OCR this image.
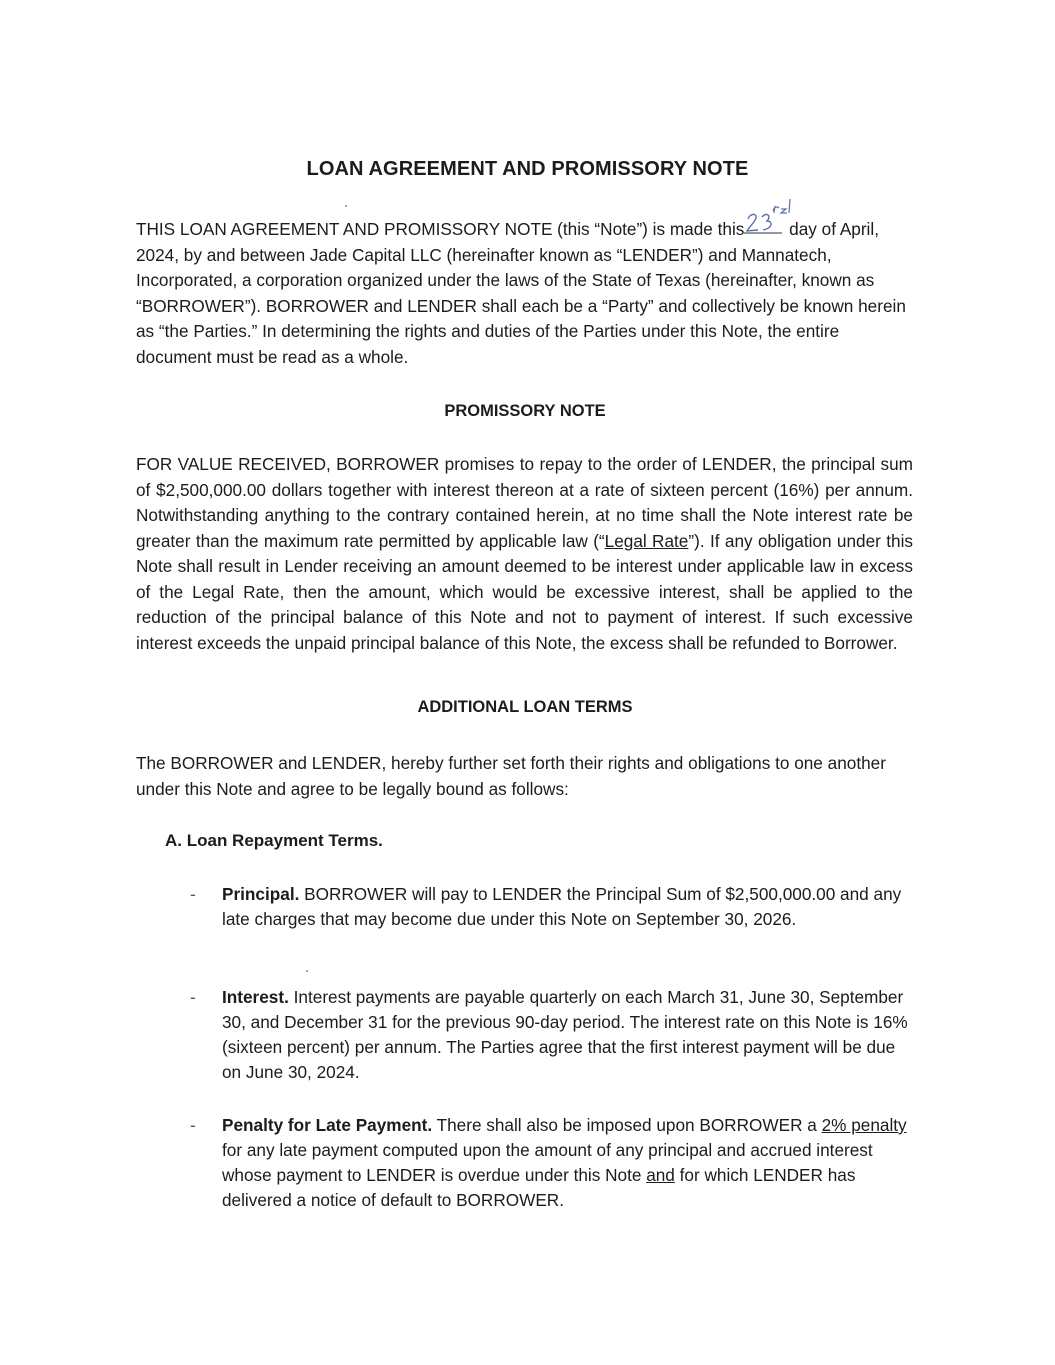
LOAN AGREEMENT AND PROMISSORY NOTE

THIS LOAN AGREEMENT AND PROMISSORY NOTE (this “Note”) is made this
day of April, 2024, by and between Jade Capital LLC (hereinafter known as “LENDER”) and Mannatech, Incorporated, a corporation organized under the laws of the State of Texas (hereinafter, known as “BORROWER”). BORROWER and LENDER shall each be a “Party” and collectively be known herein as “the Parties.” In determining the rights and duties of the Parties under this Note, the entire document must be read as a whole.

PROMISSORY NOTE

FOR VALUE RECEIVED, BORROWER promises to repay to the order of LENDER, the principal sum of $2,500,000.00 dollars together with interest thereon at a rate of sixteen percent (16%) per annum. Notwithstanding anything to the contrary contained herein, at no time shall the Note interest rate be greater than the maximum rate permitted by applicable law (“Legal Rate”). If any obligation under this Note shall result in Lender receiving an amount deemed to be interest under applicable law in excess of the Legal Rate, then the amount, which would be excessive interest, shall be applied to the reduction of the principal balance of this Note and not to payment of interest. If such excessive interest exceeds the unpaid principal balance of this Note, the excess shall be refunded to Borrower.

ADDITIONAL LOAN TERMS

The BORROWER and LENDER, hereby further set forth their rights and obligations to one another under this Note and agree to be legally bound as follows:

A. Loan Repayment Terms.
- Principal. BORROWER will pay to LENDER the Principal Sum of $2,500,000.00 and any late charges that may become due under this Note on September 30, 2026.
- Interest. Interest payments are payable quarterly on each March 31, June 30, September 30, and December 31 for the previous 90-day period. The interest rate on this Note is 16% (sixteen percent) per annum. The Parties agree that the first interest payment will be due on June 30, 2024.
- Penalty for Late Payment. There shall also be imposed upon BORROWER a 2% penalty for any late payment computed upon the amount of any principal and accrued interest whose payment to LENDER is overdue under this Note and for which LENDER has delivered a notice of default to BORROWER.
